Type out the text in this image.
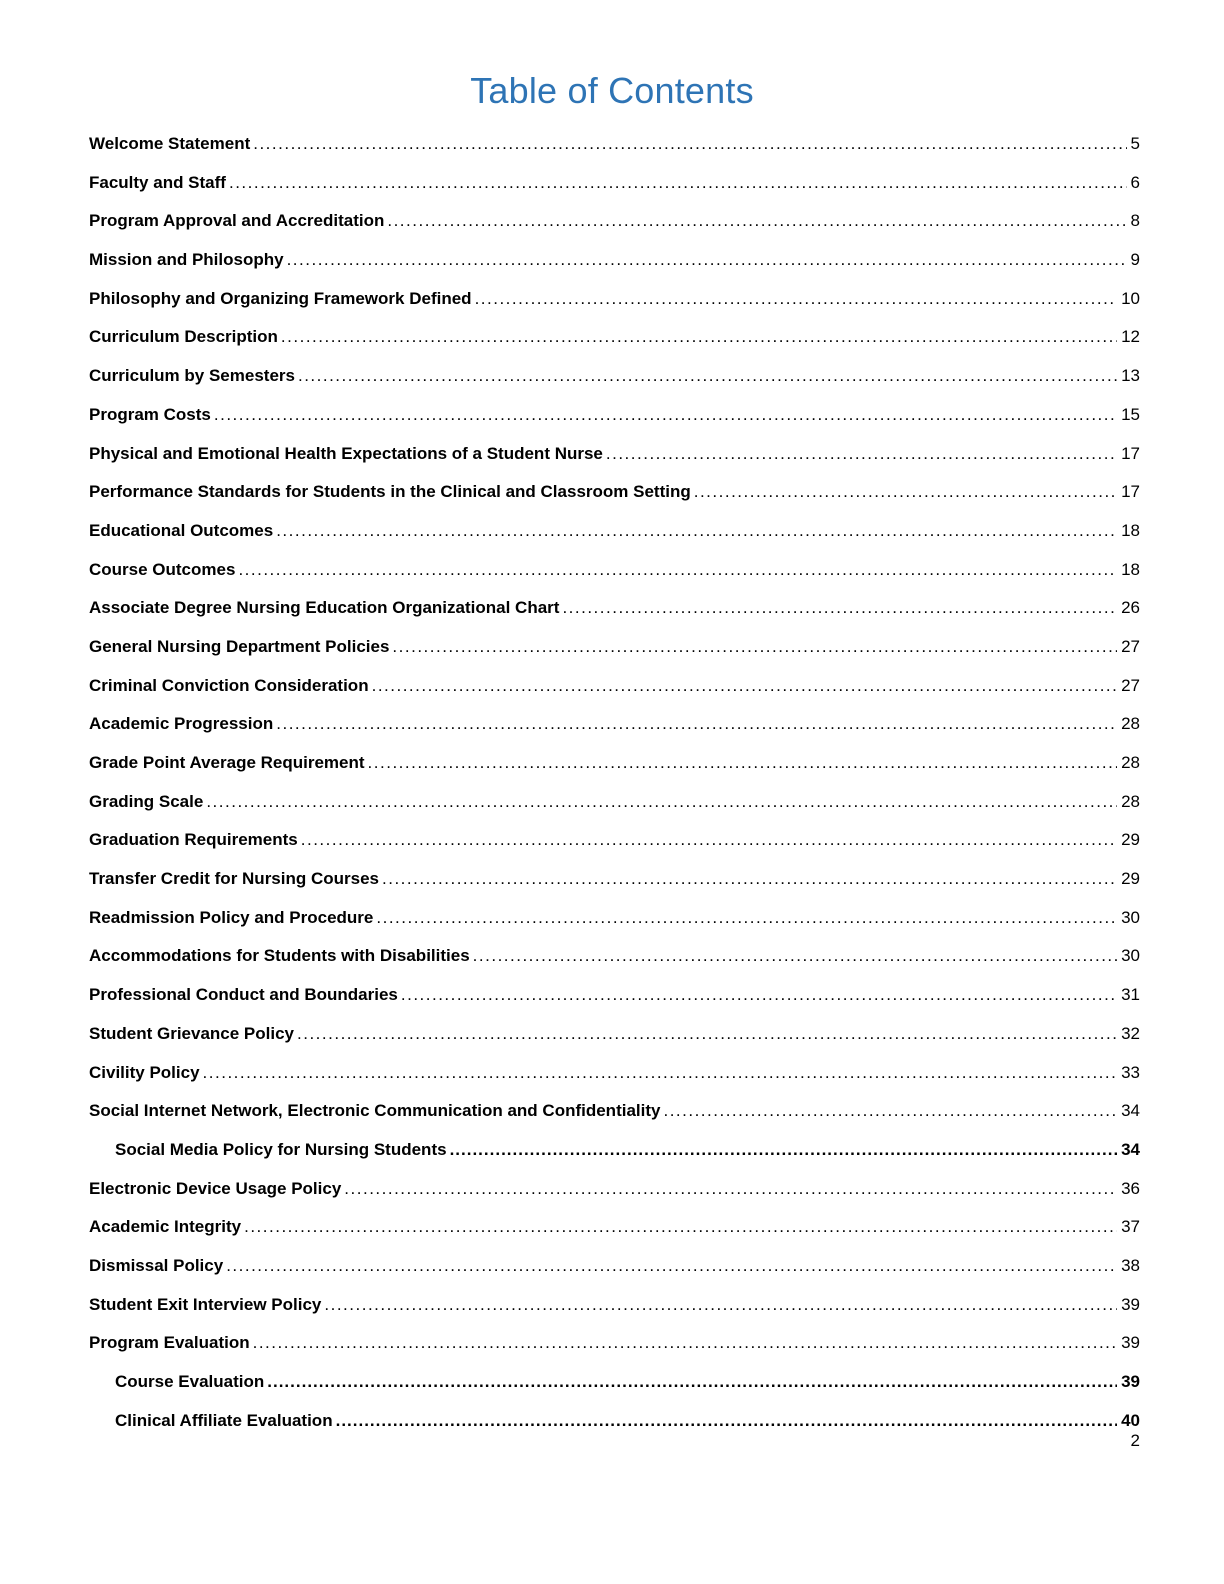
Table of Contents
Welcome Statement .....	5
Faculty and Staff .....	6
Program Approval and Accreditation .....	8
Mission and Philosophy .....	9
Philosophy and Organizing Framework Defined .....	10
Curriculum Description .....	12
Curriculum by Semesters .....	13
Program Costs .....	15
Physical and Emotional Health Expectations of a Student Nurse .....	17
Performance Standards for Students in the Clinical and Classroom Setting .....	17
Educational Outcomes .....	18
Course Outcomes .....	18
Associate Degree Nursing Education Organizational Chart .....	26
General Nursing Department Policies .....	27
Criminal Conviction Consideration .....	27
Academic Progression .....	28
Grade Point Average Requirement .....	28
Grading Scale .....	28
Graduation Requirements .....	29
Transfer Credit for Nursing Courses .....	29
Readmission Policy and Procedure .....	30
Accommodations for Students with Disabilities .....	30
Professional Conduct and Boundaries .....	31
Student Grievance Policy .....	32
Civility Policy .....	33
Social Internet Network, Electronic Communication and Confidentiality .....	34
Social Media Policy for Nursing Students .....	34
Electronic Device Usage Policy .....	36
Academic Integrity .....	37
Dismissal Policy .....	38
Student Exit Interview Policy .....	39
Program Evaluation .....	39
Course Evaluation .....	39
Clinical Affiliate Evaluation .....	40
2
